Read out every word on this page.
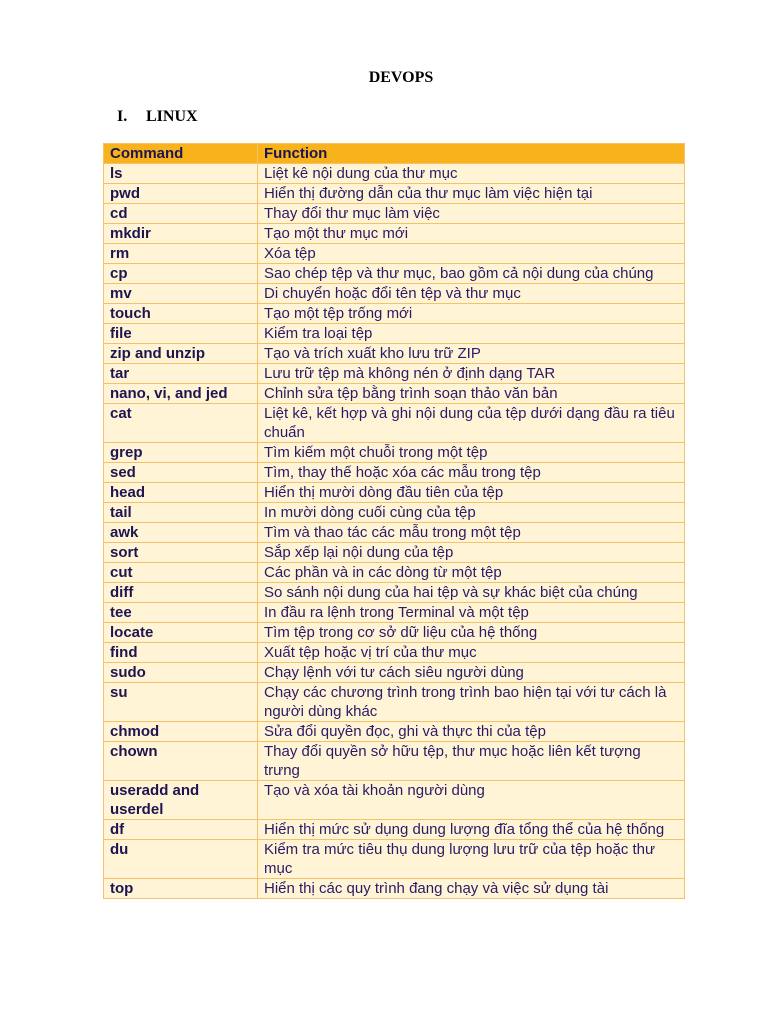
DEVOPS
I. LINUX
Command	Function
ls	Liệt kê nội dung của thư mục
pwd	Hiển thị đường dẫn của thư mục làm việc hiện tại
cd	Thay đổi thư mục làm việc
mkdir	Tạo một thư mục mới
rm	Xóa tệp
cp	Sao chép tệp và thư mục, bao gồm cả nội dung của chúng
mv	Di chuyển hoặc đổi tên tệp và thư mục
touch	Tạo một tệp trống mới
file	Kiểm tra loại tệp
zip and unzip	Tạo và trích xuất kho lưu trữ ZIP
tar	Lưu trữ tệp mà không nén ở định dạng TAR
nano, vi, and jed	Chỉnh sửa tệp bằng trình soạn thảo văn bản
cat	Liệt kê, kết hợp và ghi nội dung của tệp dưới dạng đầu ra tiêu chuẩn
grep	Tìm kiếm một chuỗi trong một tệp
sed	Tìm, thay thế hoặc xóa các mẫu trong tệp
head	Hiển thị mười dòng đầu tiên của tệp
tail	In mười dòng cuối cùng của tệp
awk	Tìm và thao tác các mẫu trong một tệp
sort	Sắp xếp lại nội dung của tệp
cut	Các phần và in các dòng từ một tệp
diff	So sánh nội dung của hai tệp và sự khác biệt của chúng
tee	In đầu ra lệnh trong Terminal và một tệp
locate	Tìm tệp trong cơ sở dữ liệu của hệ thống
find	Xuất tệp hoặc vị trí của thư mục
sudo	Chạy lệnh với tư cách siêu người dùng
su	Chạy các chương trình trong trình bao hiện tại với tư cách là người dùng khác
chmod	Sửa đổi quyền đọc, ghi và thực thi của tệp
chown	Thay đổi quyền sở hữu tệp, thư mục hoặc liên kết tượng trưng
useradd and userdel	Tạo và xóa tài khoản người dùng
df	Hiển thị mức sử dụng dung lượng đĩa tổng thể của hệ thống
du	Kiểm tra mức tiêu thụ dung lượng lưu trữ của tệp hoặc thư mục
top	Hiển thị các quy trình đang chạy và việc sử dụng tài
